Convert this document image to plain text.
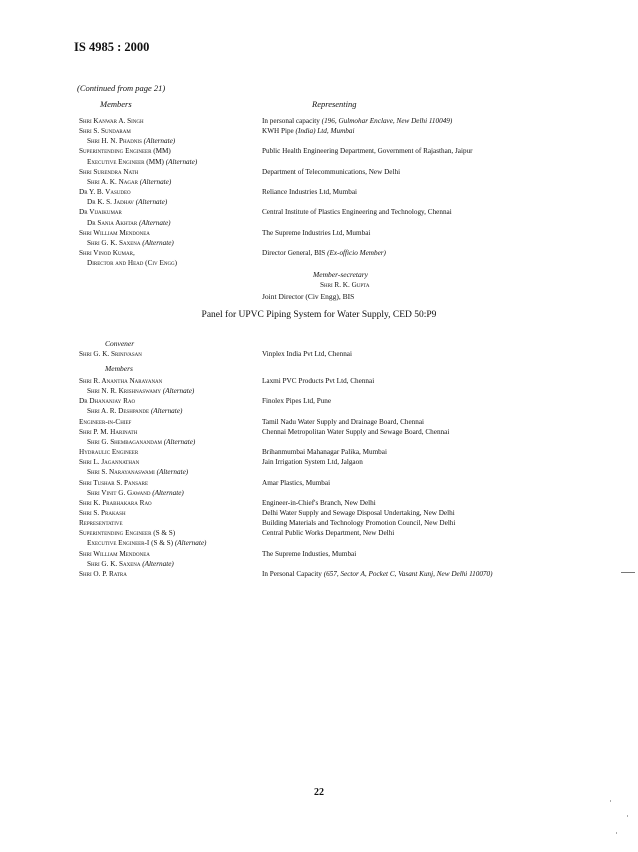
IS 4985 : 2000
(Continued from page 21)
Members	Representing
Shri Kanwar A. Singh	In personal capacity (196, Gulmohar Enclave, New Delhi 110049)
Shri S. Sundaram	KWH Pipe (India) Ltd, Mumbai
Shri H. N. Phadnis (Alternate)
Superintending Engineer (MM)	Public Health Engineering Department, Government of Rajasthan, Jaipur
Executive Engineer (MM) (Alternate)
Shri Surendra Nath	Department of Telecommunications, New Delhi
Shri A. K. Nagar (Alternate)
Dr Y. B. Vasudeo	Reliance Industries Ltd, Mumbai
Dr K. S. Jadhav (Alternate)
Dr Vijaikumar	Central Institute of Plastics Engineering and Technology, Chennai
Dr Sania Akhtar (Alternate)
Shri William Mendonea	The Supreme Industries Ltd, Mumbai
Shri G. K. Saxena (Alternate)
Shri Vinod Kumar,	Director General, BIS (Ex-officio Member)
Director and Head (Civ Engg)
Member-secretary
Shri R. K. Gupta
Joint Director (Civ Engg), BIS
Panel for UPVC Piping System for Water Supply, CED 50:P9
Convener
Shri G. K. Srinivasan	Vinplex India Pvt Ltd, Chennai
Members
Shri R. Anantha Narayanan	Laxmi PVC Products Pvt Ltd, Chennai
Shri N. R. Krishnaswamy (Alternate)
Dr Dhananjay Rao	Finolex Pipes Ltd, Pune
Shri A. R. Deshpande (Alternate)
Engineer-in-Chief	Tamil Nadu Water Supply and Drainage Board, Chennai
Shri P. M. Harinath	Chennai Metropolitan Water Supply and Sewage Board, Chennai
Shri G. Shembaganandam (Alternate)
Hydraulic Engineer	Brihanmumbai Mahanagar Palika, Mumbai
Shri L. Jagannathan	Jain Irrigation System Ltd, Jalgaon
Shri S. Narayanaswami (Alternate)
Shri Tushar S. Pansare	Amar Plastics, Mumbai
Shri Vinit G. Gawand (Alternate)
Shri K. Prabhakara Rao	Engineer-in-Chief's Branch, New Delhi
Shri S. Prakash	Delhi Water Supply and Sewage Disposal Undertaking, New Delhi
Representative	Building Materials and Technology Promotion Council, New Delhi
Superintending Engineer (S & S)	Central Public Works Department, New Delhi
Executive Engineer-I (S & S) (Alternate)
Shri William Mendonea	The Supreme Industies, Mumbai
Shri G. K. Saxena (Alternate)
Shri O. P. Ratra	In Personal Capacity (657, Sector A, Pocket C, Vasant Kunj, New Delhi 110070)
22
